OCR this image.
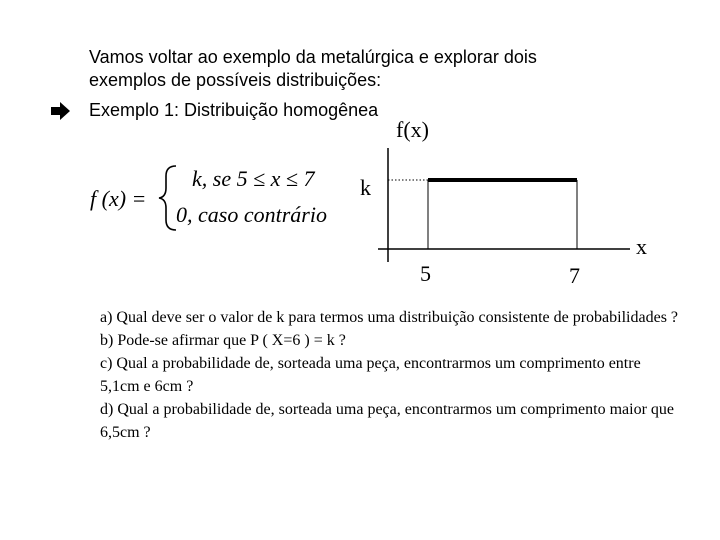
Vamos voltar ao exemplo da metalúrgica e explorar dois
exemplos de possíveis distribuições:
Exemplo 1: Distribuição homogênea
f (x) =
k, se 5 ≤ x ≤ 7
0, caso contrário
f(x)
x
k
5	7

a) Qual deve ser o valor de k para termos uma distribuição consistente de probabilidades ?

b) Pode-se afirmar que P ( X=6 ) = k ?

c) Qual a probabilidade de, sorteada uma peça, encontrarmos um comprimento entre 5,1cm e 6cm ?

d) Qual a probabilidade de, sorteada uma peça, encontrarmos um comprimento maior que 6,5cm ?
